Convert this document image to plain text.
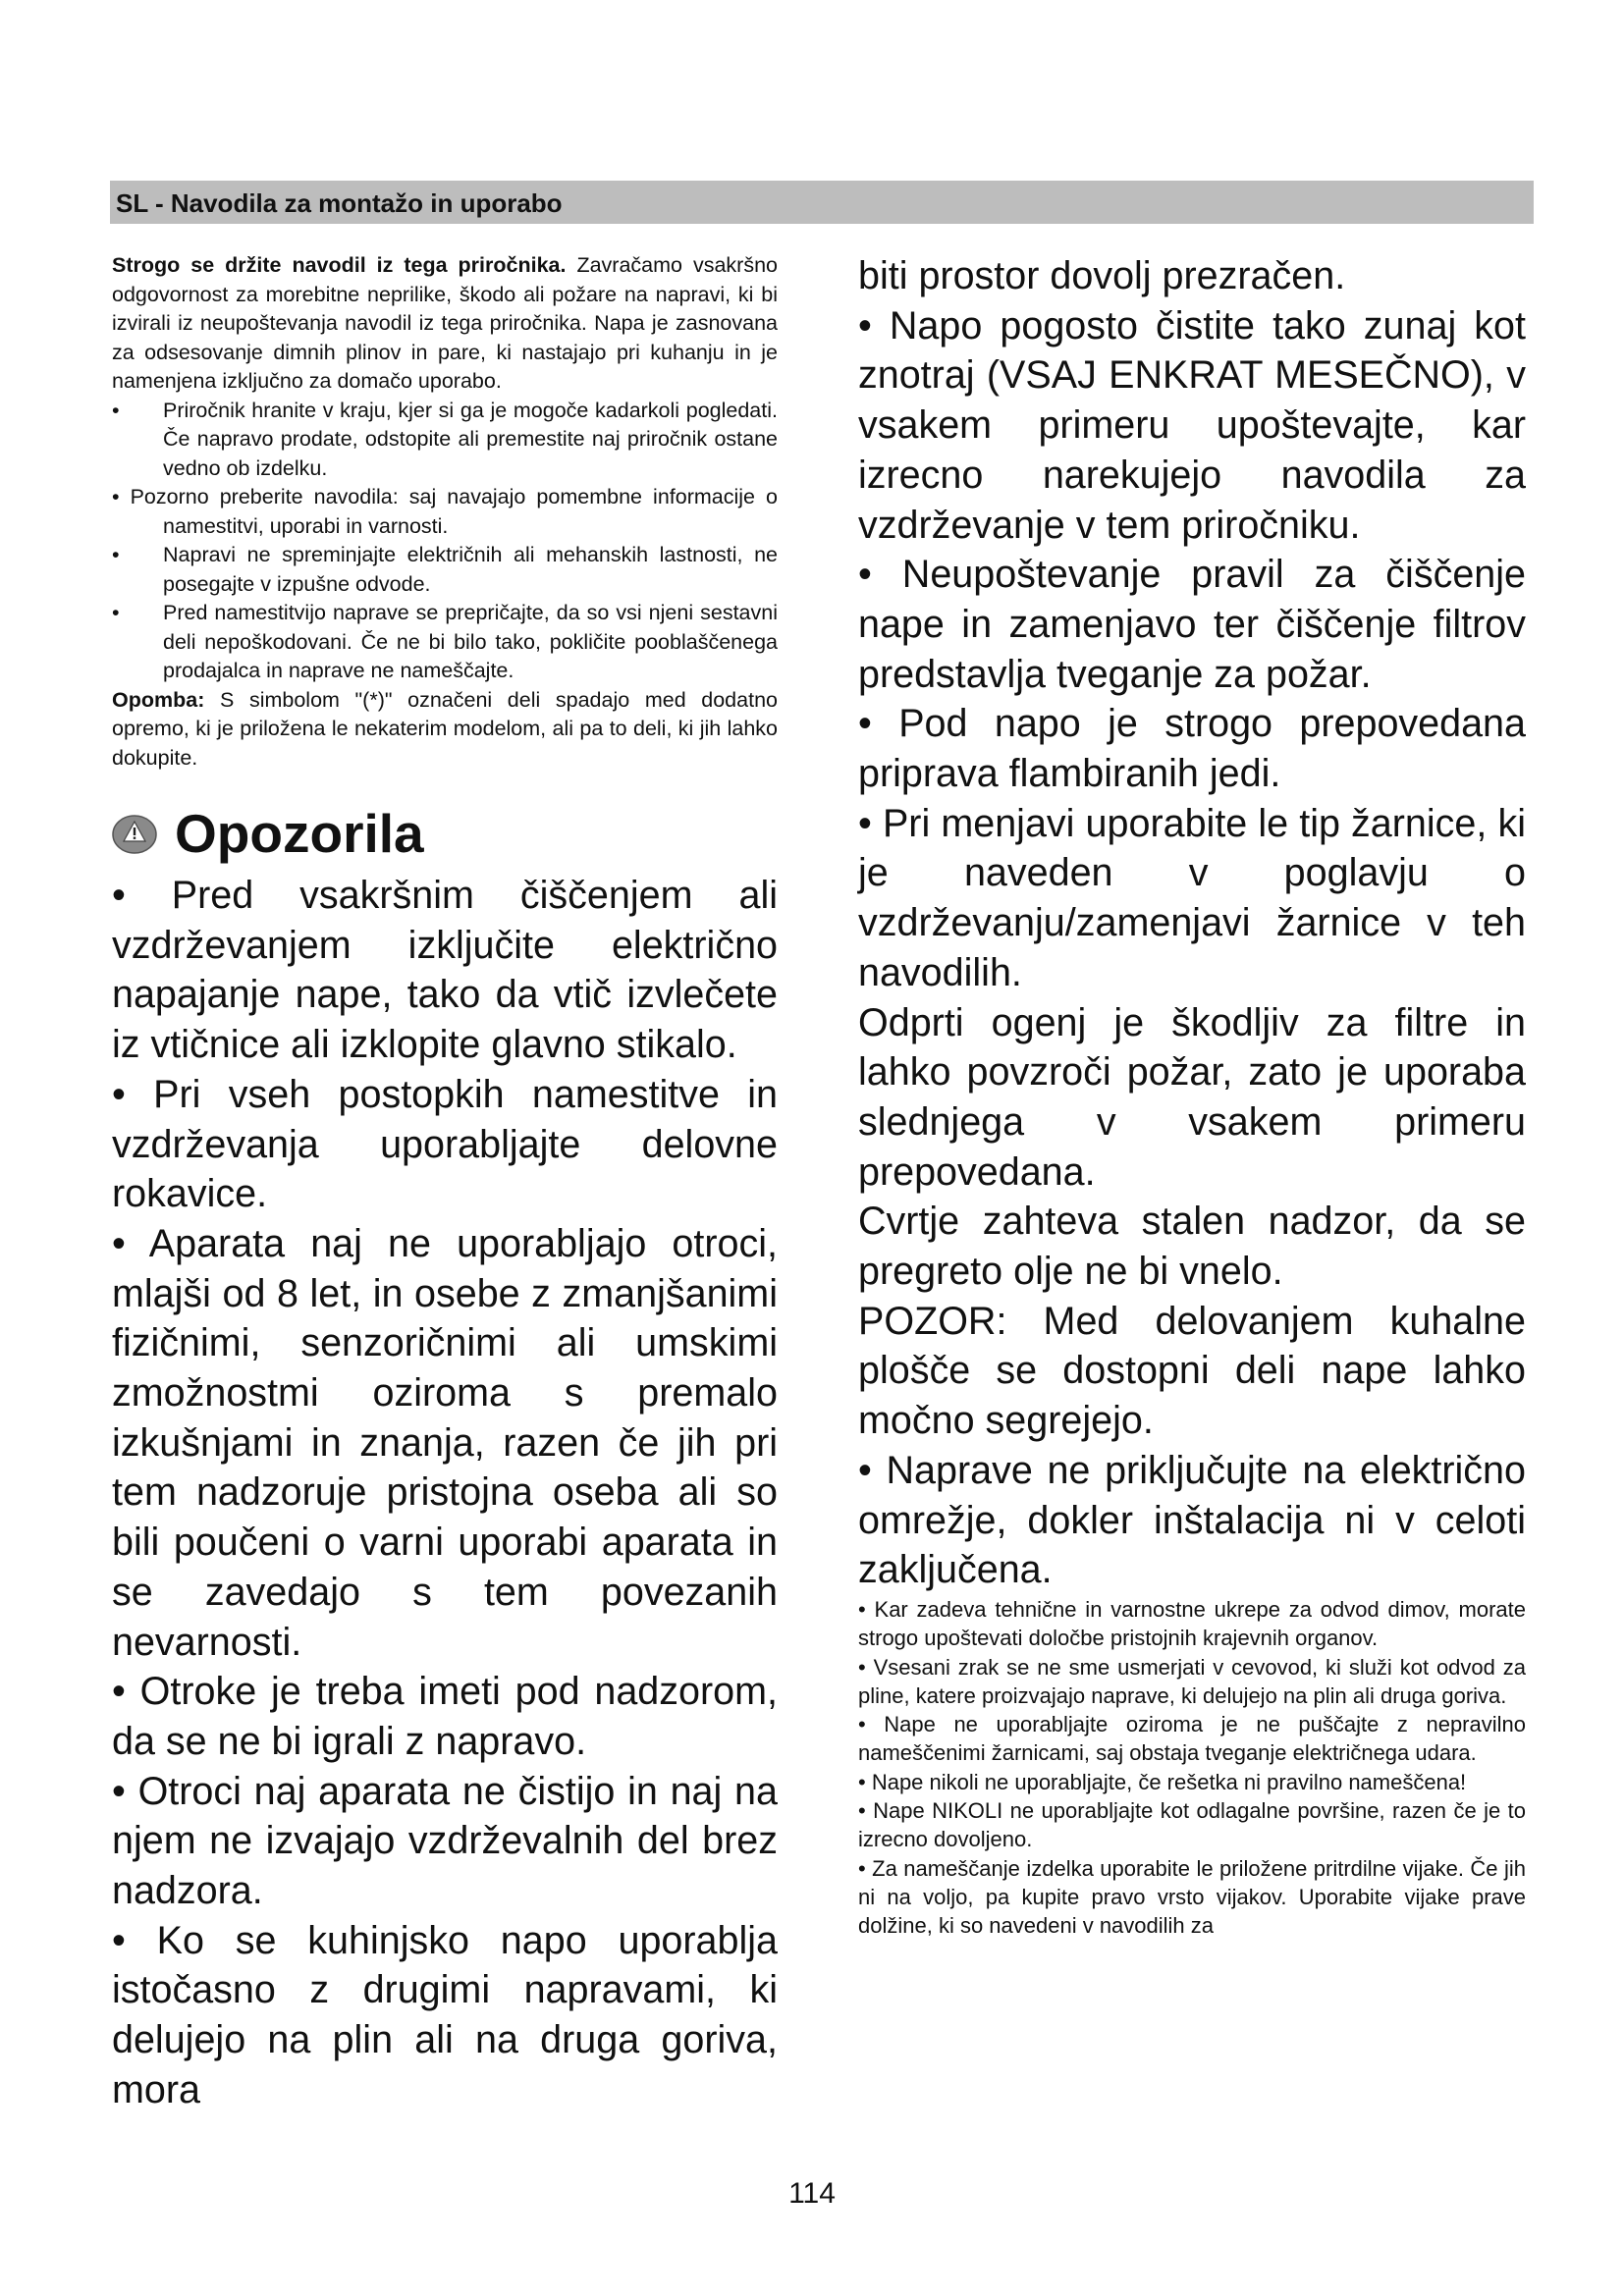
SL - Navodila za montažo in uporabo

Strogo se držite navodil iz tega priročnika. Zavračamo vsakršno odgovornost za morebitne neprilike, škodo ali požare na napravi, ki bi izvirali iz neupoštevanja navodil iz tega priročnika. Napa je zasnovana za odsesovanje dimnih plinov in pare, ki nastajajo pri kuhanju in je namenjena izključno za domačo uporabo.

• Priročnik hranite v kraju, kjer si ga je mogoče kadarkoli pogledati. Če napravo prodate, odstopite ali premestite naj priročnik ostane vedno ob izdelku.
• Pozorno preberite navodila: saj navajajo pomembne informacije o namestitvi, uporabi in varnosti.
• Napravi ne spreminjajte električnih ali mehanskih lastnosti, ne posegajte v izpušne odvode.
• Pred namestitvijo naprave se prepričajte, da so vsi njeni sestavni deli nepoškodovani. Če ne bi bilo tako, pokličite pooblaščenega prodajalca in naprave ne nameščajte.

Opomba: S simbolom "(*)" označeni deli spadajo med dodatno opremo, ki je priložena le nekaterim modelom, ali pa to deli, ki jih lahko dokupite.

Opozorila

• Pred vsakršnim čiščenjem ali vzdrževanjem izključite električno napajanje nape, tako da vtič izvlečete iz vtičnice ali izklopite glavno stikalo.

• Pri vseh postopkih namestitve in vzdrževanja uporabljajte delovne rokavice.

• Aparata naj ne uporabljajo otroci, mlajši od 8 let, in osebe z zmanjšanimi fizičnimi, senzoričnimi ali umskimi zmožnostmi oziroma s premalo izkušnjami in znanja, razen če jih pri tem nadzoruje pristojna oseba ali so bili poučeni o varni uporabi aparata in se zavedajo s tem povezanih nevarnosti.

• Otroke je treba imeti pod nadzorom, da se ne bi igrali z napravo.

• Otroci naj aparata ne čistijo in naj na njem ne izvajajo vzdrževalnih del brez nadzora.

• Ko se kuhinjsko napo uporablja istočasno z drugimi napravami, ki delujejo na plin ali na druga goriva, mora

biti prostor dovolj prezračen.

• Napo pogosto čistite tako zunaj kot znotraj (VSAJ ENKRAT MESEČNO), v vsakem primeru upoštevajte, kar izrecno narekujejo navodila za vzdrževanje v tem priročniku.

• Neupoštevanje pravil za čiščenje nape in zamenjavo ter čiščenje filtrov predstavlja tveganje za požar.

• Pod napo je strogo prepovedana priprava flambiranih jedi.

• Pri menjavi uporabite le tip žarnice, ki je naveden v poglavju o vzdrževanju/zamenjavi žarnice v teh navodilih.

Odprti ogenj je škodljiv za filtre in lahko povzroči požar, zato je uporaba slednjega v vsakem primeru prepovedana.

Cvrtje zahteva stalen nadzor, da se pregreto olje ne bi vnelo.

POZOR: Med delovanjem kuhalne plošče se dostopni deli nape lahko močno segrejejo.

• Naprave ne priključujte na električno omrežje, dokler inštalacija ni v celoti zaključena.

• Kar zadeva tehnične in varnostne ukrepe za odvod dimov, morate strogo upoštevati določbe pristojnih krajevnih organov.

• Vsesani zrak se ne sme usmerjati v cevovod, ki služi kot odvod za pline, katere proizvajajo naprave, ki delujejo na plin ali druga goriva.

• Nape ne uporabljajte oziroma je ne puščajte z nepravilno nameščenimi žarnicami, saj obstaja tveganje električnega udara.

• Nape nikoli ne uporabljajte, če rešetka ni pravilno nameščena!

• Nape NIKOLI ne uporabljajte kot odlagalne površine, razen če je to izrecno dovoljeno.

• Za nameščanje izdelka uporabite le priložene pritrdilne vijake. Če jih ni na voljo, pa kupite pravo vrsto vijakov. Uporabite vijake prave dolžine, ki so navedeni v navodilih za

114
